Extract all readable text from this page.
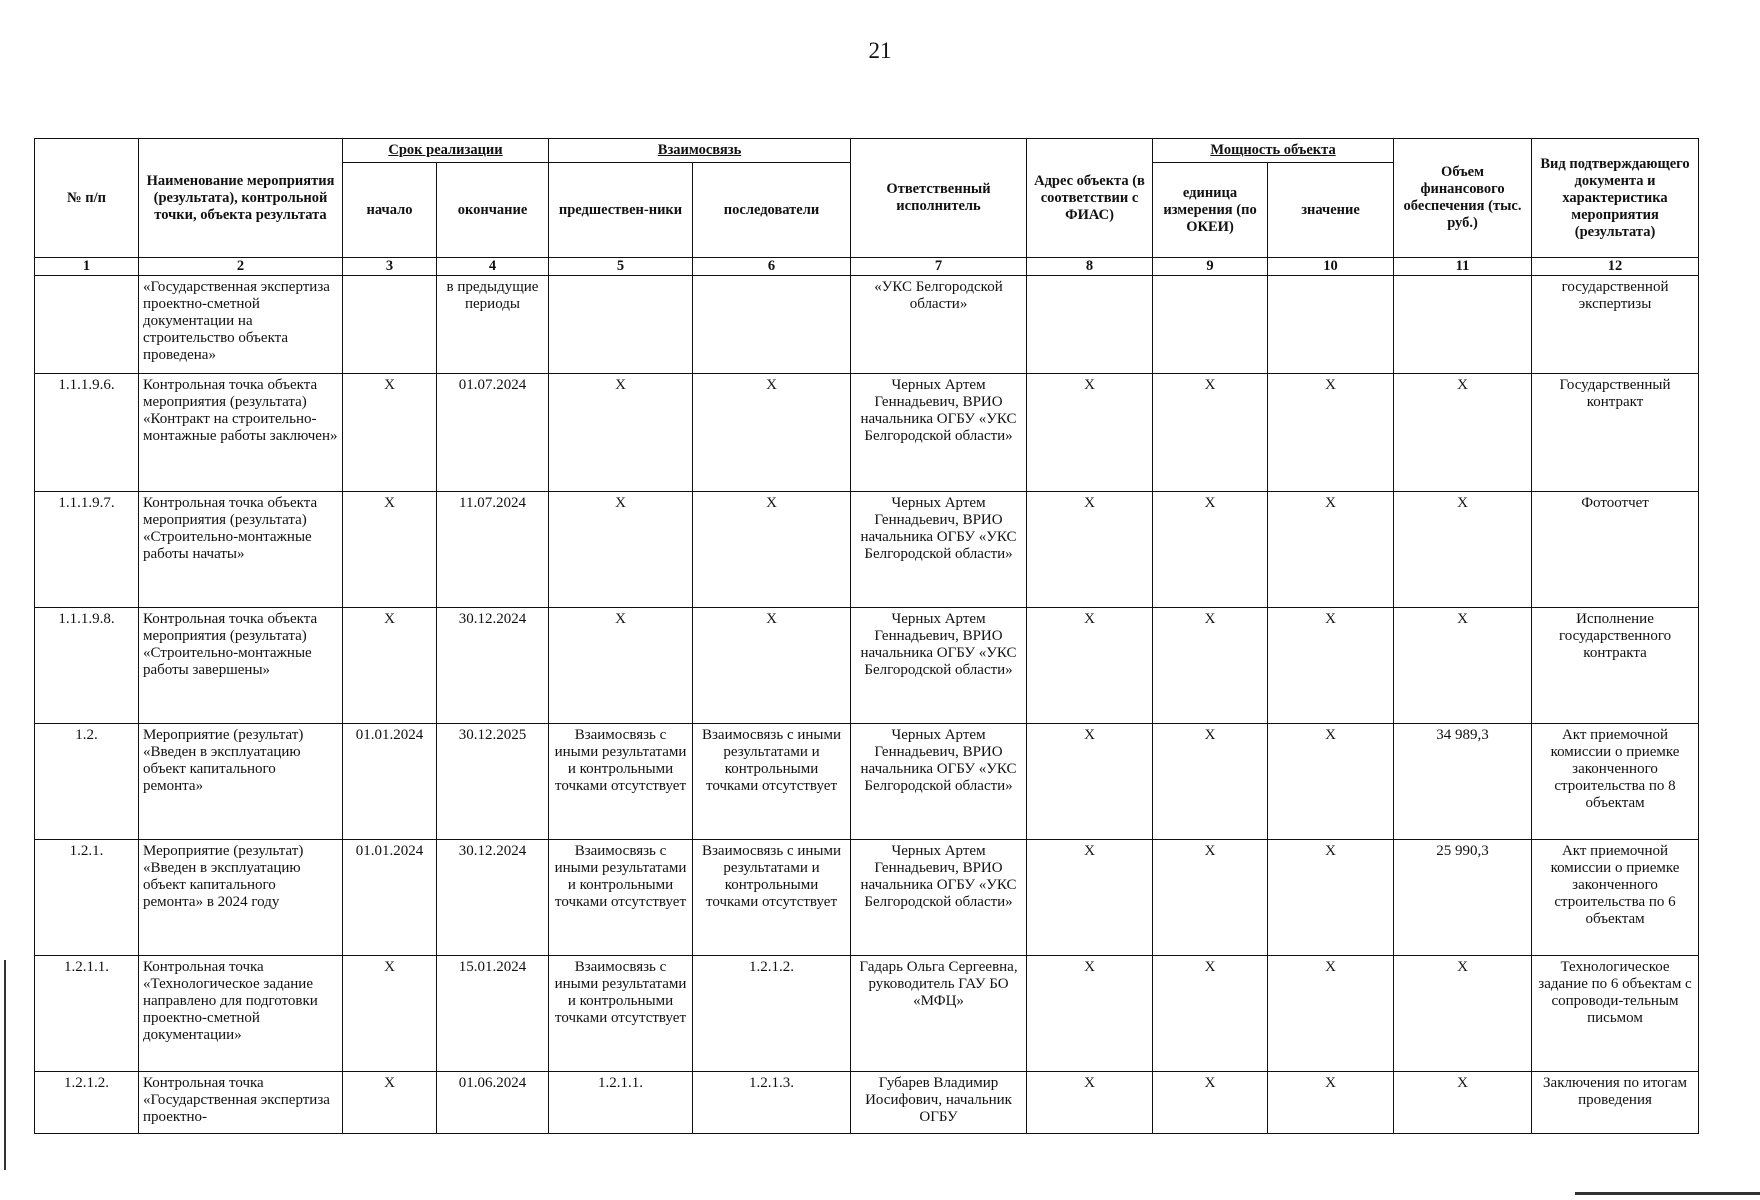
21
№ п/п	Наименование мероприятия (результата), контрольной точки, объекта результата	Срок реализации		Взаимосвязь		Ответственный исполнитель	Адрес объекта (в соответствии с ФИАС)	Мощность объекта		Объем финансового обеспечения (тыс. руб.)	Вид подтверждающего документа и характеристика мероприятия (результата)
		начало	окончание	предшествен-ники	последователи			единица измерения (по ОКЕИ)	значение		
1	2	3	4	5	6	7	8	9	10	11	12
	«Государственная экспертиза проектно-сметной документации на строительство объекта проведена»		в предыдущие периоды			«УКС Белгородской области»					государственной экспертизы
1.1.1.9.6.	Контрольная точка объекта мероприятия (результата) «Контракт на строительно-монтажные работы заключен»	Х	01.07.2024	Х	Х	Черных Артем Геннадьевич, ВРИО начальника ОГБУ «УКС Белгородской области»	Х	Х	Х	Х	Государственный контракт
1.1.1.9.7.	Контрольная точка объекта мероприятия (результата) «Строительно-монтажные работы начаты»	Х	11.07.2024	Х	Х	Черных Артем Геннадьевич, ВРИО начальника ОГБУ «УКС Белгородской области»	Х	Х	Х	Х	Фотоотчет
1.1.1.9.8.	Контрольная точка объекта мероприятия (результата) «Строительно-монтажные работы завершены»	Х	30.12.2024	Х	Х	Черных Артем Геннадьевич, ВРИО начальника ОГБУ «УКС Белгородской области»	Х	Х	Х	Х	Исполнение государственного контракта
1.2.	Мероприятие (результат) «Введен в эксплуатацию объект капитального ремонта»	01.01.2024	30.12.2025	Взаимосвязь с иными результатами и контрольными точками отсутствует	Взаимосвязь с иными результатами и контрольными точками отсутствует	Черных Артем Геннадьевич, ВРИО начальника ОГБУ «УКС Белгородской области»	Х	Х	Х	34 989,3	Акт приемочной комиссии о приемке законченного строительства по 8 объектам
1.2.1.	Мероприятие (результат) «Введен в эксплуатацию объект капитального ремонта» в 2024 году	01.01.2024	30.12.2024	Взаимосвязь с иными результатами и контрольными точками отсутствует	Взаимосвязь с иными результатами и контрольными точками отсутствует	Черных Артем Геннадьевич, ВРИО начальника ОГБУ «УКС Белгородской области»	Х	Х	Х	25 990,3	Акт приемочной комиссии о приемке законченного строительства по 6 объектам
1.2.1.1.	Контрольная точка «Технологическое задание направлено для подготовки проектно-сметной документации»	Х	15.01.2024	Взаимосвязь с иными результатами и контрольными точками отсутствует	1.2.1.2.	Гадарь Ольга Сергеевна, руководитель ГАУ БО «МФЦ»	Х	Х	Х	Х	Технологическое задание по 6 объектам с сопроводи-тельным письмом
1.2.1.2.	Контрольная точка «Государственная экспертиза проектно-	Х	01.06.2024	1.2.1.1.	1.2.1.3.	Губарев Владимир Иосифович, начальник ОГБУ	Х	Х	Х	Х	Заключения по итогам проведения
